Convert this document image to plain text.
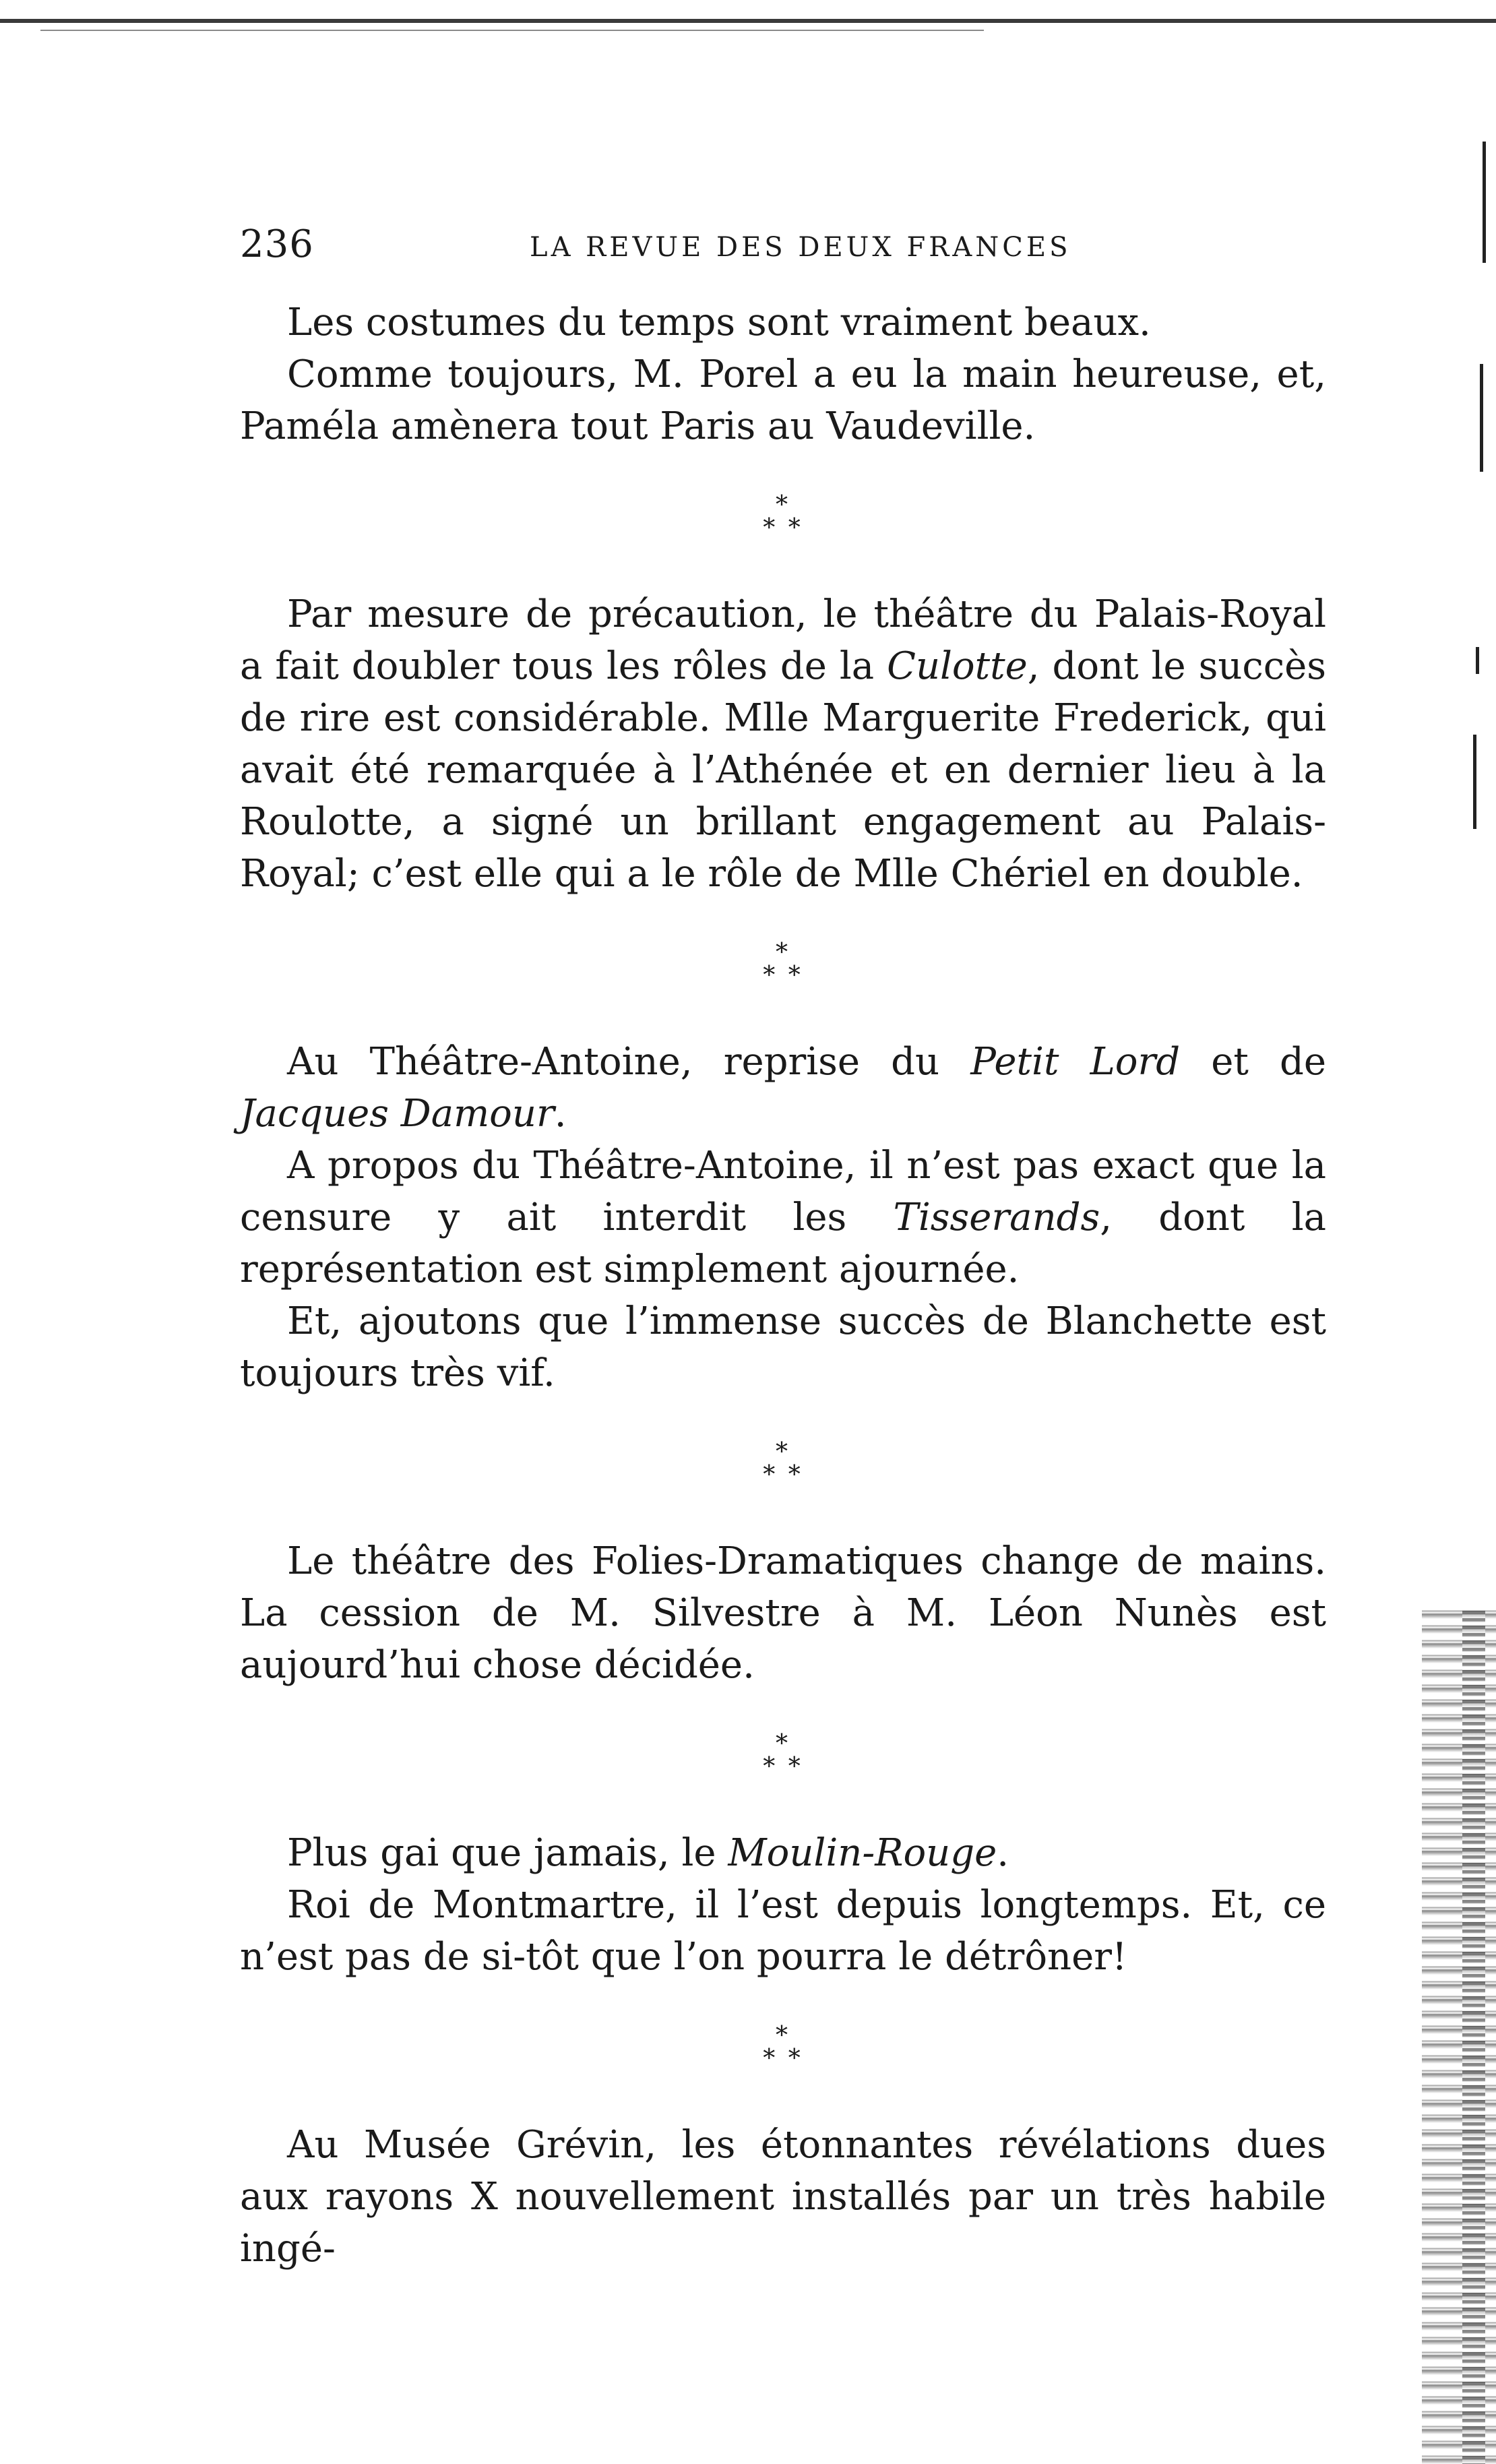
236	LA REVUE DES DEUX FRANCES

Les costumes du temps sont vraiment beaux.

Comme toujours, M. Porel a eu la main heureuse, et, Paméla amènera tout Paris au Vaudeville.

*
* *

Par mesure de précaution, le théâtre du Palais-Royal a fait doubler tous les rôles de la Culotte, dont le succès de rire est considérable. Mlle Marguerite Frederick, qui avait été remarquée à l’Athénée et en dernier lieu à la Roulotte, a signé un brillant engagement au Palais-Royal; c’est elle qui a le rôle de Mlle Chériel en double.

*
* *

Au Théâtre-Antoine, reprise du Petit Lord et de Jacques Damour.

A propos du Théâtre-Antoine, il n’est pas exact que la censure y ait interdit les Tisserands, dont la représentation est simplement ajournée.

Et, ajoutons que l’immense succès de Blanchette est toujours très vif.

*
* *

Le théâtre des Folies-Dramatiques change de mains. La cession de M. Silvestre à M. Léon Nunès est aujourd’hui chose décidée.

*
* *

Plus gai que jamais, le Moulin-Rouge.

Roi de Montmartre, il l’est depuis longtemps. Et, ce n’est pas de si-tôt que l’on pourra le détrôner!

*
* *

Au Musée Grévin, les étonnantes révélations dues aux rayons X nouvellement installés par un très habile ingé-
